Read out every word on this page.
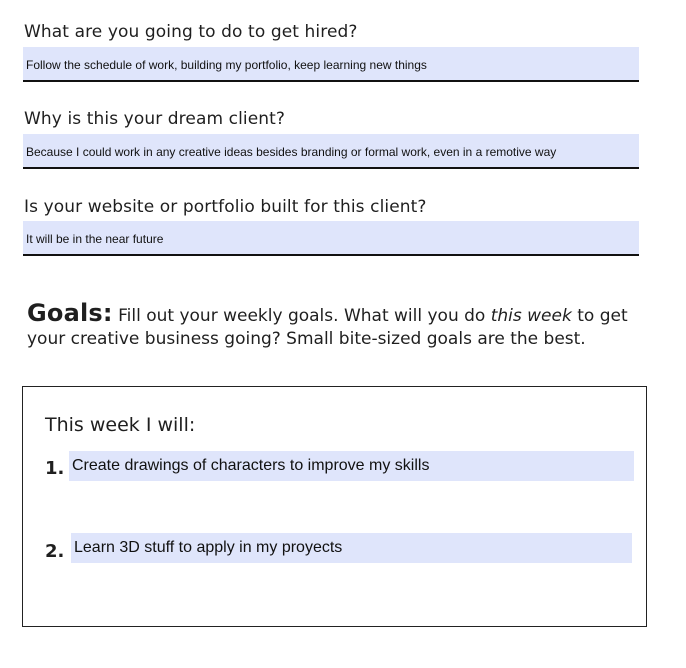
What are you going to do to get hired?
Follow the schedule of work, building my portfolio, keep learning new things
Why is this your dream client?
Because I could work in any creative ideas besides branding or formal work, even in a remotive way
Is your website or portfolio built for this client?
It will be in the near future
Goals: Fill out your weekly goals. What will you do this week to get your creative business going? Small bite-sized goals are the best.
This week I will:
1. Create drawings of characters to improve my skills
2. Learn 3D stuff to apply in my proyects
